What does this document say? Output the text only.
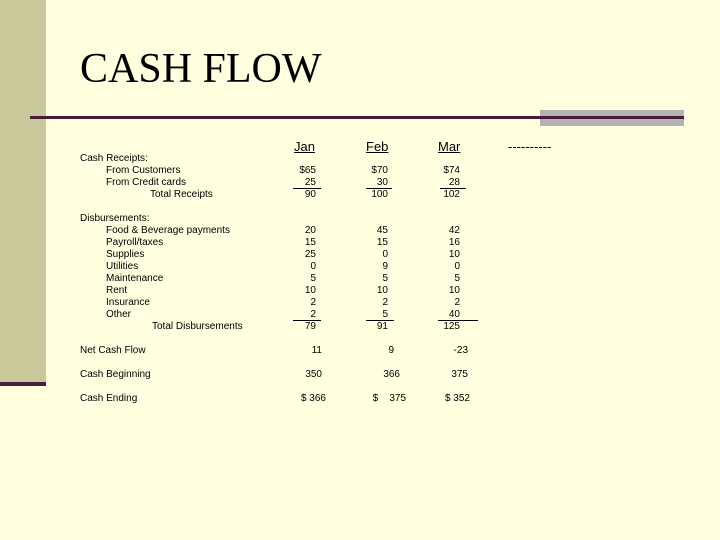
CASH FLOW
Jan	Feb	Mar	----------
Cash Receipts:
From Customers	$65	$70	$74
From Credit cards	25	30	28
Total Receipts	90	100	102
Disbursements:
Food & Beverage payments	20	45	42
Payroll/taxes	15	15	16
Supplies	25	0	10
Utilities	0	9	0
Maintenance	5	5	5
Rent	10	10	10
Insurance	2	2	2
Other	2	5	40
Total Disbursements	79	91	125
Net Cash Flow	11	9	-23
Cash Beginning	350	366	375
Cash Ending	$ 366	$    375	$ 352
